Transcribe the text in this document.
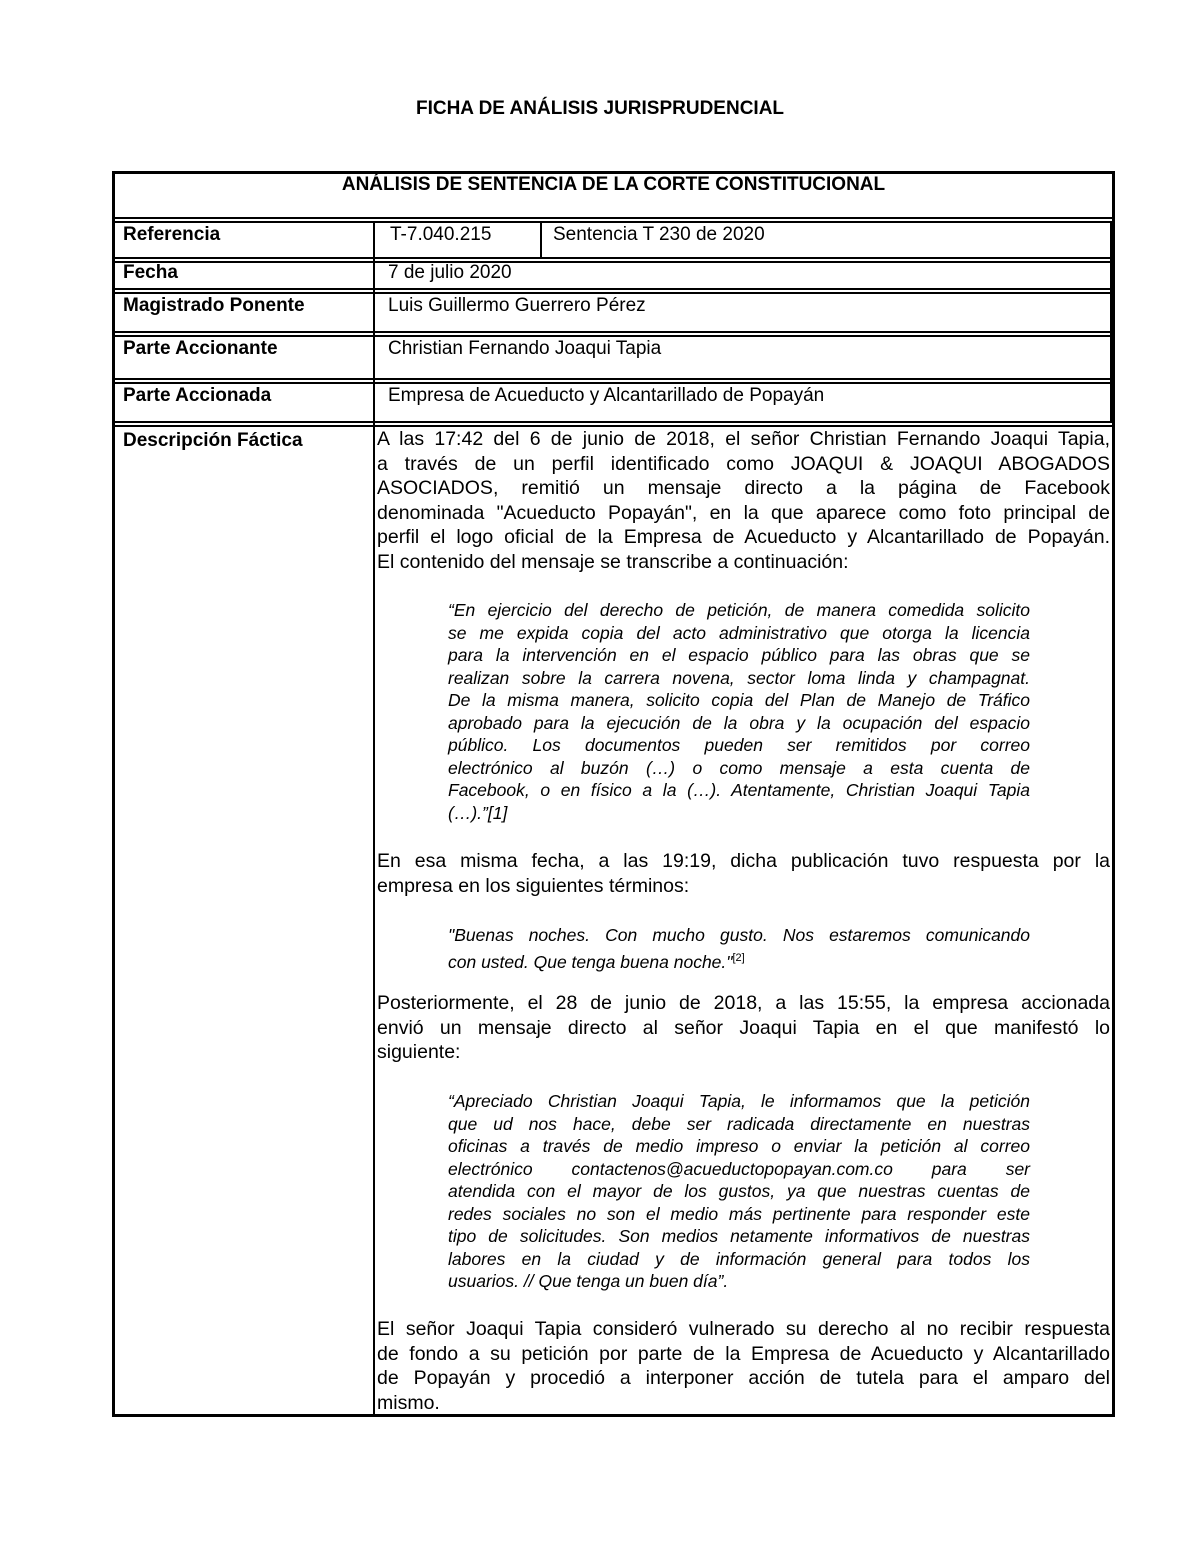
FICHA DE ANÁLISIS JURISPRUDENCIAL
ANÁLISIS DE SENTENCIA DE LA CORTE CONSTITUCIONAL
Referencia
Fecha
Magistrado Ponente
Parte Accionante
Parte Accionada
Descripción Fáctica
T-7.040.215	Sentencia T 230 de 2020
7 de julio 2020
Luis Guillermo Guerrero Pérez
Christian Fernando Joaqui Tapia
Empresa de Acueducto y Alcantarillado de Popayán
A las 17:42 del 6 de junio de 2018, el señor Christian Fernando Joaqui Tapia,
a través de un perfil identificado como JOAQUI & JOAQUI ABOGADOS
ASOCIADOS, remitió un mensaje directo a la página de Facebook
denominada "Acueducto Popayán", en la que aparece como foto principal de
perfil el logo oficial de la Empresa de Acueducto y Alcantarillado de Popayán.
El contenido del mensaje se transcribe a continuación:
“En ejercicio del derecho de petición, de manera comedida solicito
se me expida copia del acto administrativo que otorga la licencia
para la intervención en el espacio público para las obras que se
realizan sobre la carrera novena, sector loma linda y champagnat.
De la misma manera, solicito copia del Plan de Manejo de Tráfico
aprobado para la ejecución de la obra y la ocupación del espacio
público. Los documentos pueden ser remitidos por correo
electrónico al buzón (…) o como mensaje a esta cuenta de
Facebook, o en físico a la (…). Atentamente, Christian Joaqui Tapia
(…).”[1]
En esa misma fecha, a las 19:19, dicha publicación tuvo respuesta por la
empresa en los siguientes términos:
"Buenas noches. Con mucho gusto. Nos estaremos comunicando
con usted. Que tenga buena noche."[2]
Posteriormente, el 28 de junio de 2018, a las 15:55, la empresa accionada
envió un mensaje directo al señor Joaqui Tapia en el que manifestó lo
siguiente:
“Apreciado Christian Joaqui Tapia, le informamos que la petición
que ud nos hace, debe ser radicada directamente en nuestras
oficinas a través de medio impreso o enviar la petición al correo
electrónico contactenos@acueductopopayan.com.co para ser
atendida con el mayor de los gustos, ya que nuestras cuentas de
redes sociales no son el medio más pertinente para responder este
tipo de solicitudes. Son medios netamente informativos de nuestras
labores en la ciudad y de información general para todos los
usuarios. // Que tenga un buen día”.
El señor Joaqui Tapia consideró vulnerado su derecho al no recibir respuesta
de fondo a su petición por parte de la Empresa de Acueducto y Alcantarillado
de Popayán y procedió a interponer acción de tutela para el amparo del
mismo.
